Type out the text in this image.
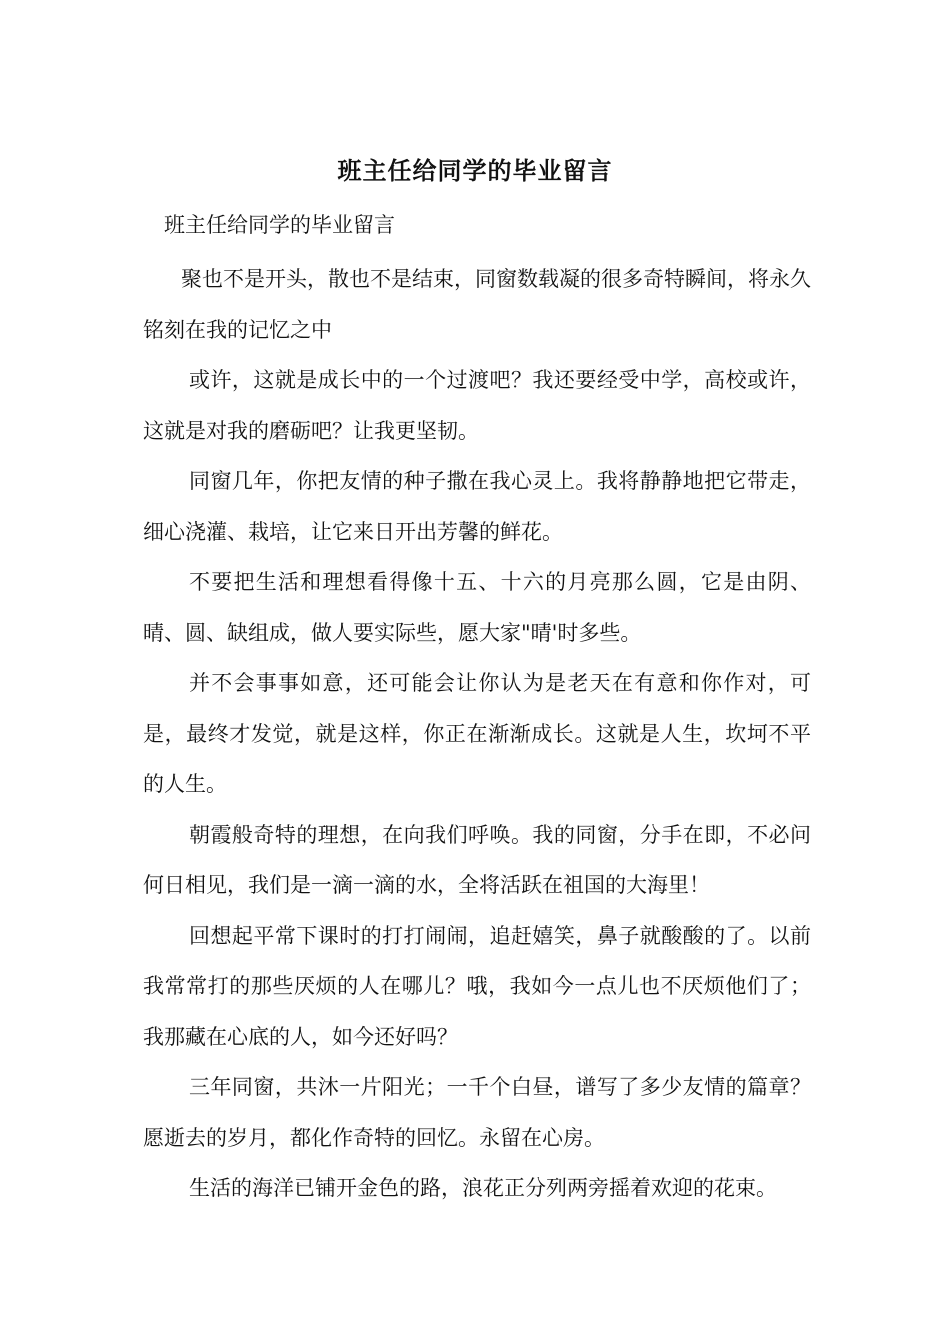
班主任给同学的毕业留言
班主任给同学的毕业留言

聚也不是开头，散也不是结束，同窗数载凝的很多奇特瞬间，将永久铭刻在我的记忆之中

或许，这就是成长中的一个过渡吧？我还要经受中学，高校或许，这就是对我的磨砺吧？让我更坚韧。

同窗几年，你把友情的种子撒在我心灵上。我将静静地把它带走，细心浇灌、栽培，让它来日开出芳馨的鲜花。

不要把生活和理想看得像十五、十六的月亮那么圆，它是由阴、晴、圆、缺组成，做人要实际些，愿大家"晴'时多些。

并不会事事如意，还可能会让你认为是老天在有意和你作对，可是，最终才发觉，就是这样，你正在渐渐成长。这就是人生，坎坷不平的人生。

朝霞般奇特的理想，在向我们呼唤。我的同窗，分手在即，不必问何日相见，我们是一滴一滴的水，全将活跃在祖国的大海里！

回想起平常下课时的打打闹闹，追赶嬉笑，鼻子就酸酸的了。以前我常常打的那些厌烦的人在哪儿？哦，我如今一点儿也不厌烦他们了；我那藏在心底的人，如今还好吗？

三年同窗，共沐一片阳光；一千个白昼，谱写了多少友情的篇章？愿逝去的岁月，都化作奇特的回忆。永留在心房。

生活的海洋已铺开金色的路，浪花正分列两旁摇着欢迎的花束。
